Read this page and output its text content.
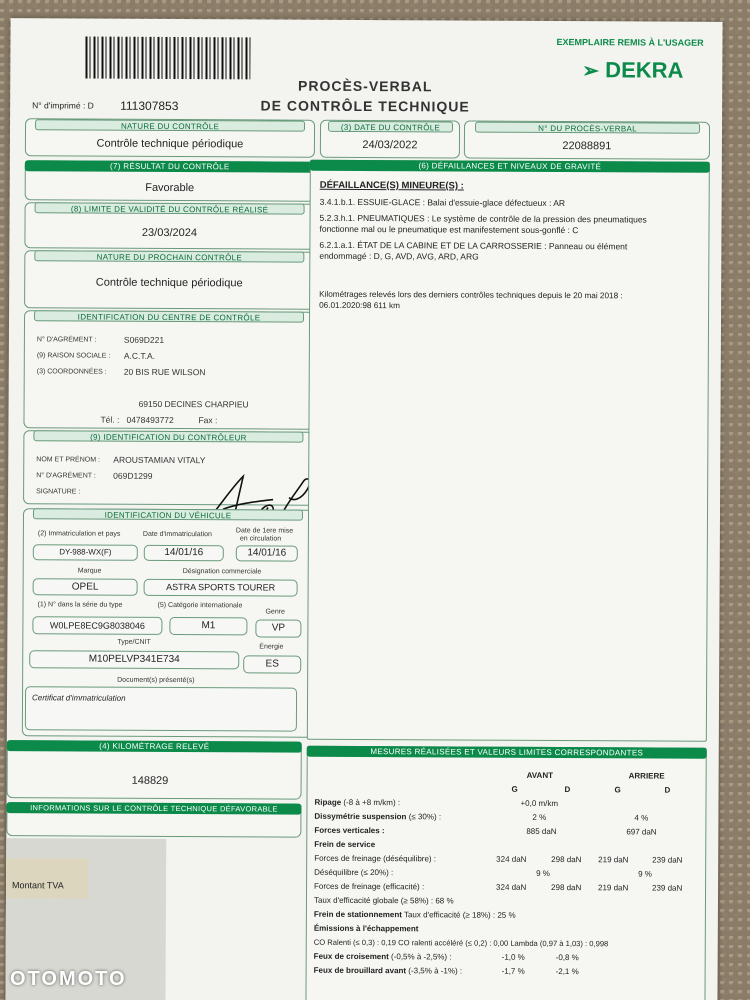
EXEMPLAIRE REMIS À L'USAGER
➢ DEKRA
PROCÈS-VERBAL
DE CONTRÔLE TECHNIQUE
N° d'imprimé : D 111307853
NATURE DU CONTRÔLE
Contrôle technique périodique
(3) DATE DU CONTRÔLE
24/03/2022
N° DU PROCÈS-VERBAL
22088891
(7) RÉSULTAT DU CONTRÔLE
Favorable
(8) LIMITE DE VALIDITÉ DU CONTRÔLE RÉALISÉ
23/03/2024
NATURE DU PROCHAIN CONTRÔLE
Contrôle technique périodique
IDENTIFICATION DU CENTRE DE CONTRÔLE
N° D'AGRÉMENT :	S069D221
(9) RAISON SOCIALE : A.C.T.A.
(3) COORDONNÉES : 20 BIS RUE WILSON
69150 DECINES CHARPIEU
Tél. : 0478493772	Fax :
(9) IDENTIFICATION DU CONTRÔLEUR
NOM ET PRÉNOM : AROUSTAMIAN VITALY
N° D'AGRÉMENT : 069D1299
SIGNATURE :
IDENTIFICATION DU VÉHICULE
(2) Immatriculation et pays	Date d'immatriculation	Date de 1ere mise
en circulation
DY-988-WX(F)	14/01/16	14/01/16
Marque	Désignation commerciale
OPEL	ASTRA SPORTS TOURER
(1) N° dans la série du type	(5) Catégorie internationale
Genre
W0LPE8EC9G8038046	M1	VP
Type/CNIT
Énergie
M10PELVP341E734	ES
Document(s) présenté(s)
Certificat d'immatriculation
(4) KILOMÉTRAGE RELEVÉ
148829
INFORMATIONS SUR LE CONTRÔLE TECHNIQUE DÉFAVORABLE
(6) DÉFAILLANCES ET NIVEAUX DE GRAVITÉ
DÉFAILLANCE(S) MINEURE(S) :
3.4.1.b.1. ESSUIE-GLACE : Balai d'essuie-glace défectueux : AR
5.2.3.h.1. PNEUMATIQUES : Le système de contrôle de la pression des pneumatiques
fonctionne mal ou le pneumatique est manifestement sous-gonflé : C
6.2.1.a.1. ÉTAT DE LA CABINE ET DE LA CARROSSERIE : Panneau ou élément
endommagé : D, G, AVD, AVG, ARD, ARG
Kilométrages relevés lors des derniers contrôles techniques depuis le 20 mai 2018 :
06.01.2020:98 611 km
MESURES RÉALISÉES ET VALEURS LIMITES CORRESPONDANTES
AVANT	ARRIERE
G	D	G	D
Ripage (-8 à +8 m/km) :	+0,0 m/km
Dissymétrie suspension (≤ 30%) :	2 %	4 %
Forces verticales :	885 daN	697 daN
Frein de service
Forces de freinage (déséquilibre) :	324 daN	298 daN 219 daN	239 daN
Déséquilibre (≤ 20%) :	9 %	9 %
Forces de freinage (efficacité) :	324 daN	298 daN 219 daN	239 daN
Taux d'efficacité globale (≥ 58%) : 68 %
Frein de stationnement Taux d'efficacité (≥ 18%) : 25 %
Émissions à l'échappement
CO Ralenti (≤ 0,3) : 0,19 CO ralenti accéléré (≤ 0,2) : 0,00 Lambda (0,97 à 1,03) : 0,998
Feux de croisement (-0,5% à -2,5%) :	-1,0 %	-0,8 %
Feux de brouillard avant (-3,5% à -1%) :	-1,7 %	-2,1 %
Montant TVA
OTOMOTO
